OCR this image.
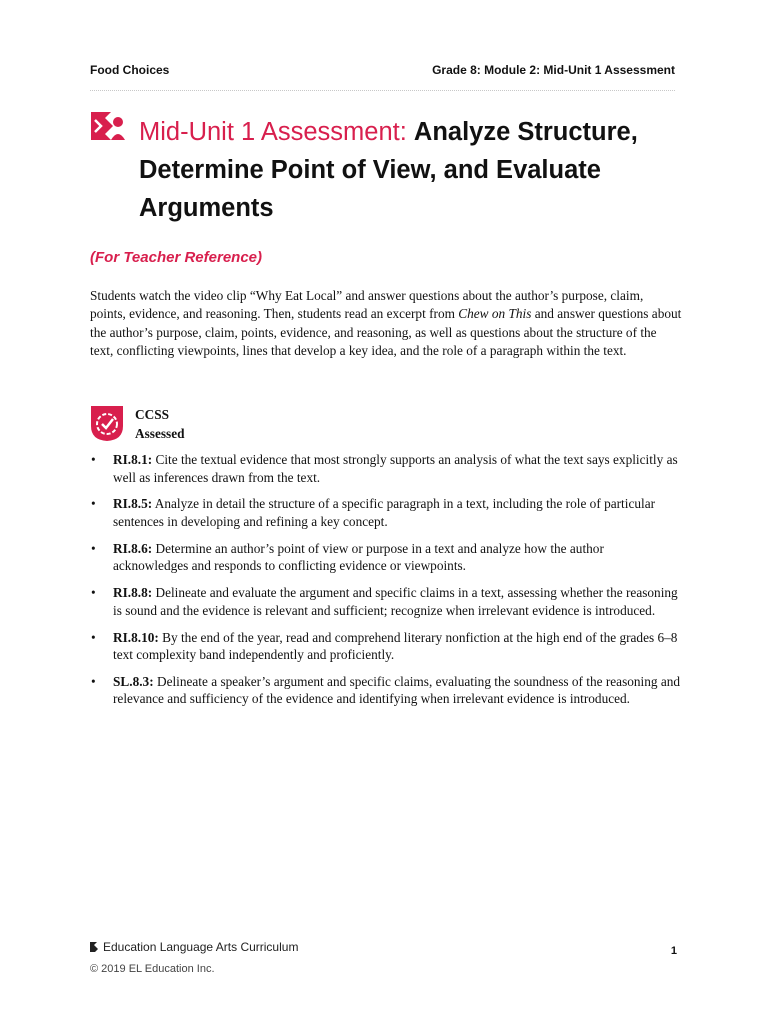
Food Choices	Grade 8: Module 2: Mid-Unit 1 Assessment
Mid-Unit 1 Assessment: Analyze Structure, Determine Point of View, and Evaluate Arguments
(For Teacher Reference)
Students watch the video clip “Why Eat Local” and answer questions about the author’s purpose, claim, points, evidence, and reasoning. Then, students read an excerpt from Chew on This and answer questions about the author’s purpose, claim, points, evidence, and reasoning, as well as questions about the structure of the text, conflicting viewpoints, lines that develop a key idea, and the role of a paragraph within the text.
CCSS
Assessed
• RI.8.1: Cite the textual evidence that most strongly supports an analysis of what the text says explicitly as well as inferences drawn from the text.
• RI.8.5: Analyze in detail the structure of a specific paragraph in a text, including the role of particular sentences in developing and refining a key concept.
• RI.8.6: Determine an author’s point of view or purpose in a text and analyze how the author acknowledges and responds to conflicting evidence or viewpoints.
• RI.8.8: Delineate and evaluate the argument and specific claims in a text, assessing whether the reasoning is sound and the evidence is relevant and sufficient; recognize when irrelevant evidence is introduced.
• RI.8.10: By the end of the year, read and comprehend literary nonfiction at the high end of the grades 6–8 text complexity band independently and proficiently.
• SL.8.3: Delineate a speaker’s argument and specific claims, evaluating the soundness of the reasoning and relevance and sufficiency of the evidence and identifying when irrelevant evidence is introduced.
Education Language Arts Curriculum
© 2019 EL Education Inc.
1
